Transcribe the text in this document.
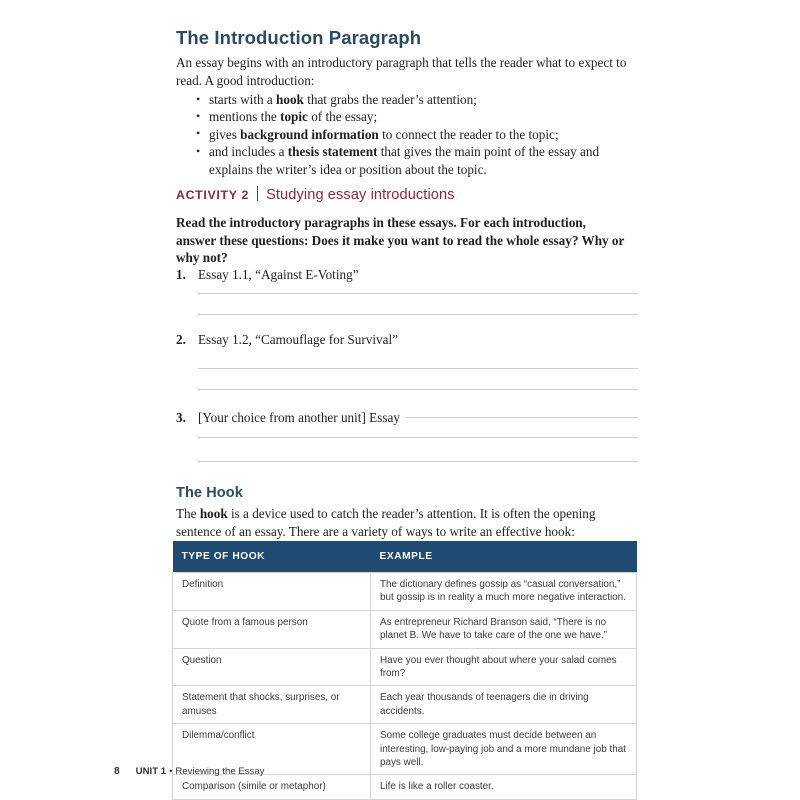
The Introduction Paragraph
An essay begins with an introductory paragraph that tells the reader what to expect to read. A good introduction:
• starts with a hook that grabs the reader’s attention;
• mentions the topic of the essay;
• gives background information to connect the reader to the topic;
• and includes a thesis statement that gives the main point of the essay and explains the writer’s idea or position about the topic.
ACTIVITY 2 Studying essay introductions
Read the introductory paragraphs in these essays. For each introduction, answer these questions: Does it make you want to read the whole essay? Why or why not?
1. Essay 1.1, “Against E-Voting”
2. Essay 1.2, “Camouflage for Survival”
3. [Your choice from another unit] Essay
The Hook
The hook is a device used to catch the reader’s attention. It is often the opening sentence of an essay. There are a variety of ways to write an effective hook:
TYPE OF HOOK	EXAMPLE
Definition	The dictionary defines gossip as “casual conversation,” but gossip is in reality a much more negative interaction.
Quote from a famous person	As entrepreneur Richard Branson said, “There is no planet B. We have to take care of the one we have.”
Question	Have you ever thought about where your salad comes from?
Statement that shocks, surprises, or amuses	Each year thousands of teenagers die in driving accidents.
Dilemma/conflict	Some college graduates must decide between an interesting, low-paying job and a more mundane job that pays well.
Comparison (simile or metaphor)	Life is like a roller coaster.
8 UNIT 1 • Reviewing the Essay
